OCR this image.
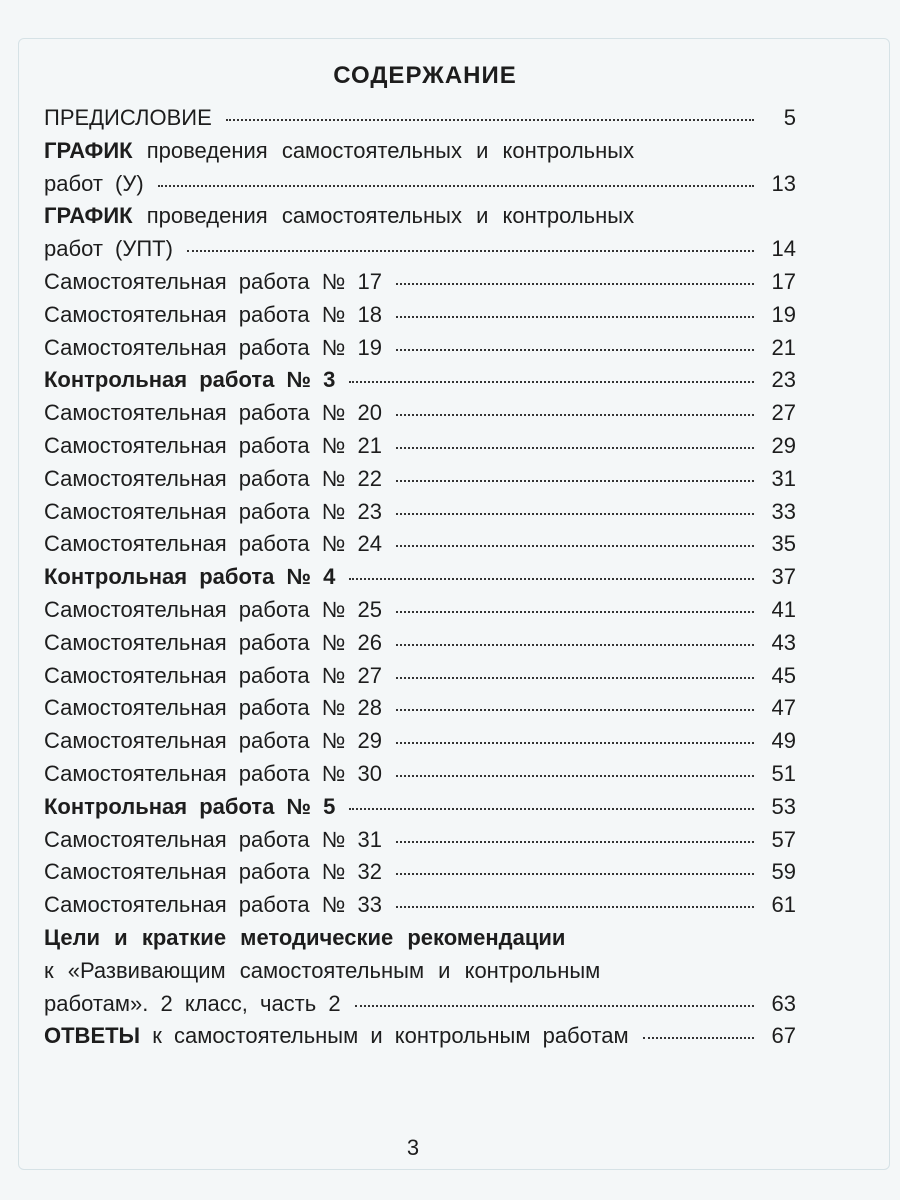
СОДЕРЖАНИЕ
ПРЕДИСЛОВИЕ	5
ГРАФИК проведения самостоятельных и контрольных
работ (У)	13
ГРАФИК проведения самостоятельных и контрольных
работ (УПТ)	14
Самостоятельная работа № 17	17
Самостоятельная работа № 18	19
Самостоятельная работа № 19	21
Контрольная работа № 3	23
Самостоятельная работа № 20	27
Самостоятельная работа № 21	29
Самостоятельная работа № 22	31
Самостоятельная работа № 23	33
Самостоятельная работа № 24	35
Контрольная работа № 4	37
Самостоятельная работа № 25	41
Самостоятельная работа № 26	43
Самостоятельная работа № 27	45
Самостоятельная работа № 28	47
Самостоятельная работа № 29	49
Самостоятельная работа № 30	51
Контрольная работа № 5	53
Самостоятельная работа № 31	57
Самостоятельная работа № 32	59
Самостоятельная работа № 33	61
Цели и краткие методические рекомендации
к «Развивающим самостоятельным и контрольным
работам». 2 класс, часть 2	63
ОТВЕТЫ к самостоятельным и контрольным работам	67
3
